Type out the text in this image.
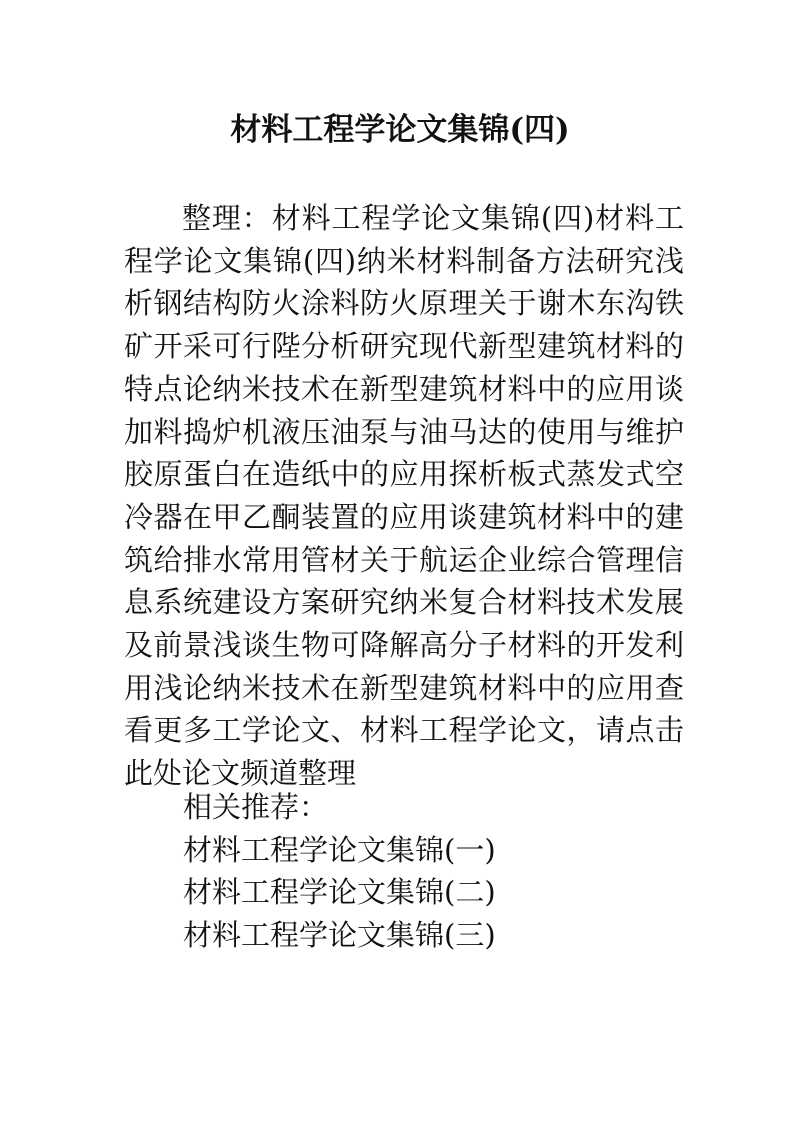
材料工程学论文集锦(四)
整理：材料工程学论文集锦(四)材料工程学论文集锦(四)纳米材料制备方法研究浅析钢结构防火涂料防火原理关于谢木东沟铁矿开采可行陛分析研究现代新型建筑材料的特点论纳米技术在新型建筑材料中的应用谈加料捣炉机液压油泵与油马达的使用与维护胶原蛋白在造纸中的应用探析板式蒸发式空冷器在甲乙酮装置的应用谈建筑材料中的建筑给排水常用管材关于航运企业综合管理信息系统建设方案研究纳米复合材料技术发展及前景浅谈生物可降解高分子材料的开发利用浅论纳米技术在新型建筑材料中的应用查看更多工学论文、材料工程学论文，请点击此处论文频道整理
相关推荐：
材料工程学论文集锦(一)
材料工程学论文集锦(二)
材料工程学论文集锦(三)
